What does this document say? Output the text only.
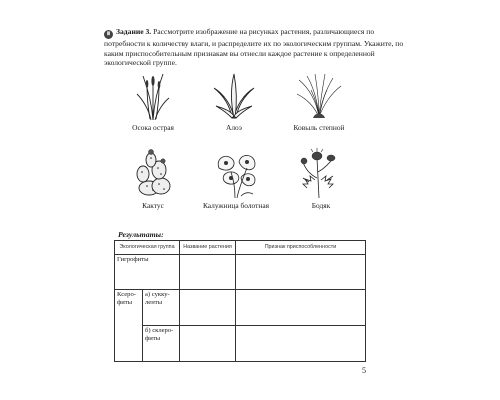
Ⅲ Задание 3. Рассмотрите изображение на рисунках растения, различающиеся по потребности к количеству влаги, и распределите их по экологическим группам. Укажите, по каким приспособительным признакам вы отнесли каждое растение к определенной экологической группе.
Осока острая	Алоэ	Ковыль степной
Кактус	Калужница болотная	Бодяк
Результаты:
Экологическая группа		Название растения	Признак приспособленности
Гигрофиты			
Ксеро-фиты	а) сукку-ленты		
	б) склеро-фиты		
5
